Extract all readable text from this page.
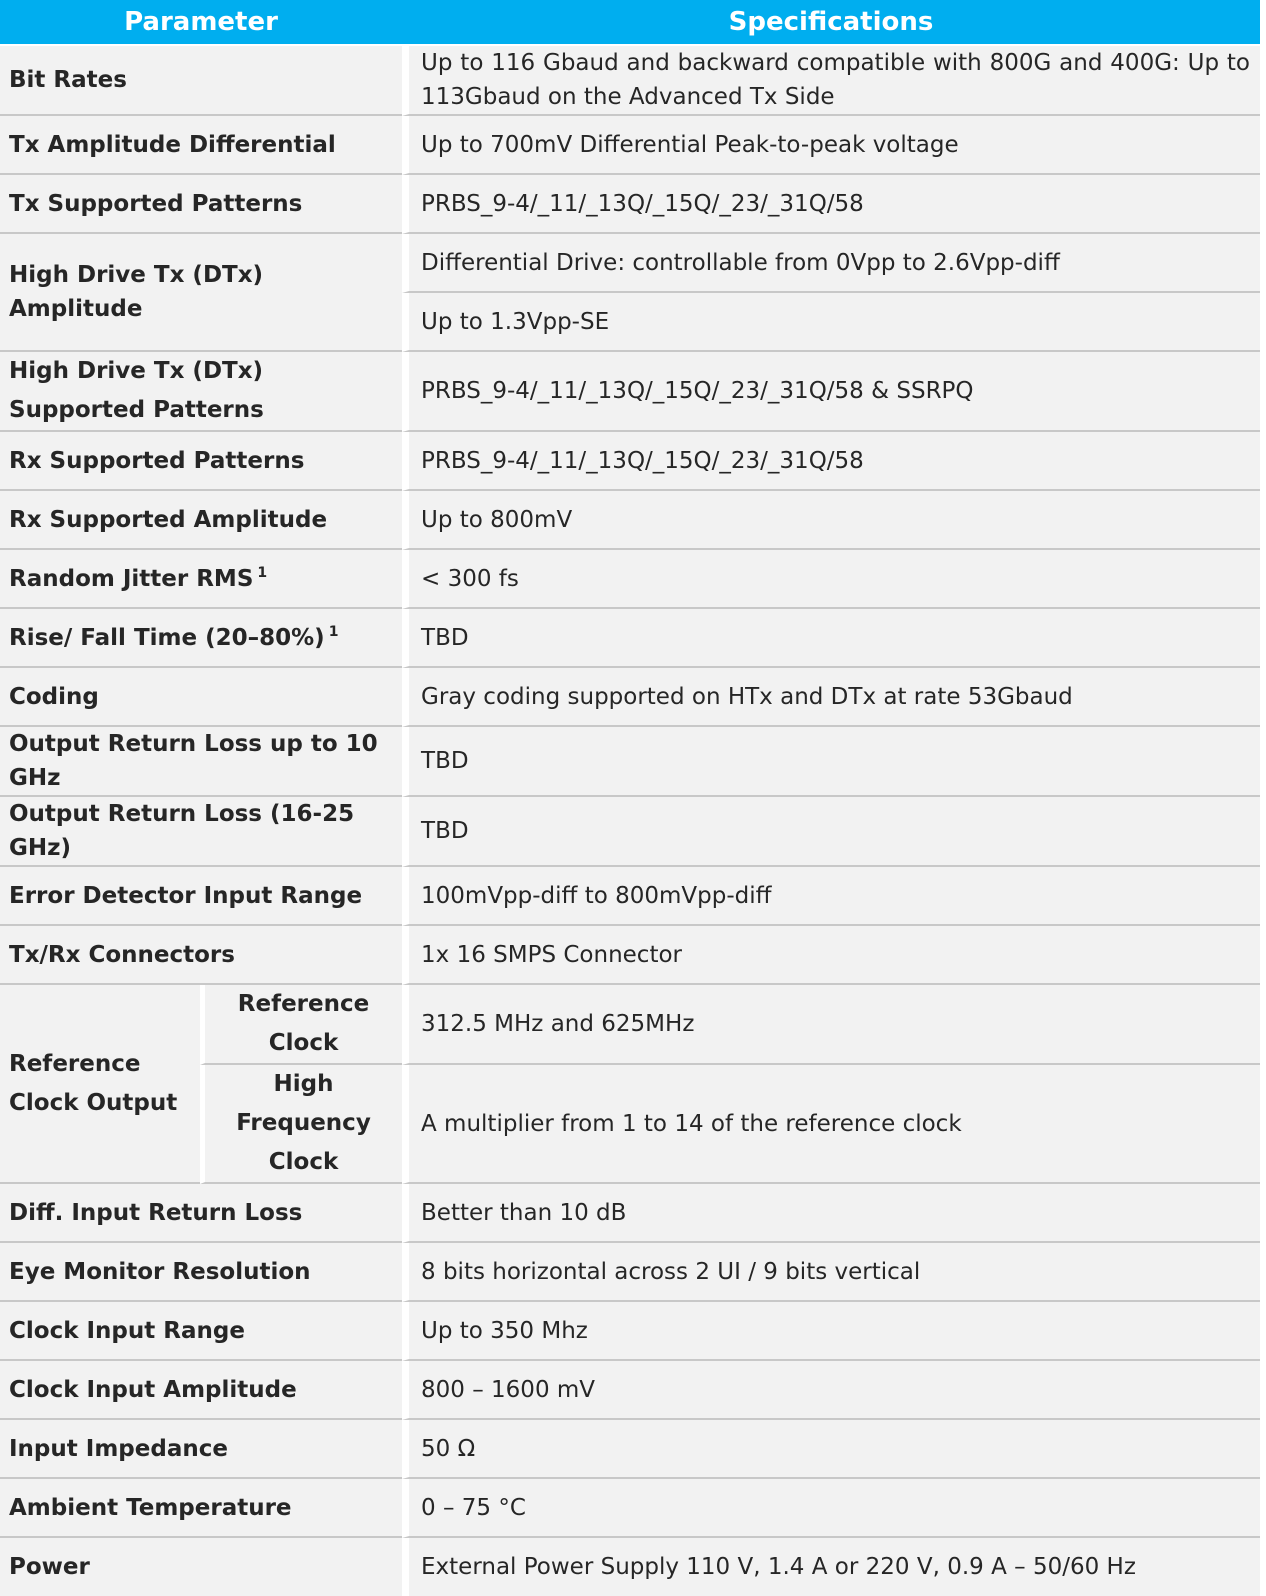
Parameter		Specifications
Bit Rates		Up to 116 Gbaud and backward compatible with 800G and 400G: Up to 113Gbaud on the Advanced Tx Side
Tx Amplitude Differential		Up to 700mV Differential Peak-to-peak voltage
Tx Supported Patterns		PRBS_9-4/_11/_13Q/_15Q/_23/_31Q/58
High Drive Tx (DTx) Amplitude		Differential Drive: controllable from 0Vpp to 2.6Vpp-diff
		Up to 1.3Vpp-SE
High Drive Tx (DTx) Supported Patterns		PRBS_9-4/_11/_13Q/_15Q/_23/_31Q/58 & SSRPQ
Rx Supported Patterns		PRBS_9-4/_11/_13Q/_15Q/_23/_31Q/58
Rx Supported Amplitude		Up to 800mV
Random Jitter RMS $^1$		< 300 fs
Rise/ Fall Time (20–80%) $^1$		TBD
Coding		Gray coding supported on HTx and DTx at rate 53Gbaud
Output Return Loss up to 10 GHz		TBD
Output Return Loss (16-25 GHz)		TBD
Error Detector Input Range		100mVpp-diff to 800mVpp-diff
Tx/Rx Connectors		1x 16 SMPS Connector
Reference Clock Output	Reference Clock	312.5 MHz and 625MHz
	High Frequency Clock	A multiplier from 1 to 14 of the reference clock
Diff. Input Return Loss		Better than 10 dB
Eye Monitor Resolution		8 bits horizontal across 2 UI / 9 bits vertical
Clock Input Range		Up to 350 Mhz
Clock Input Amplitude		800 – 1600 mV
Input Impedance		50 Ω
Ambient Temperature		0 – 75 °C
Power		External Power Supply 110 V, 1.4 A or 220 V, 0.9 A – 50/60 Hz
